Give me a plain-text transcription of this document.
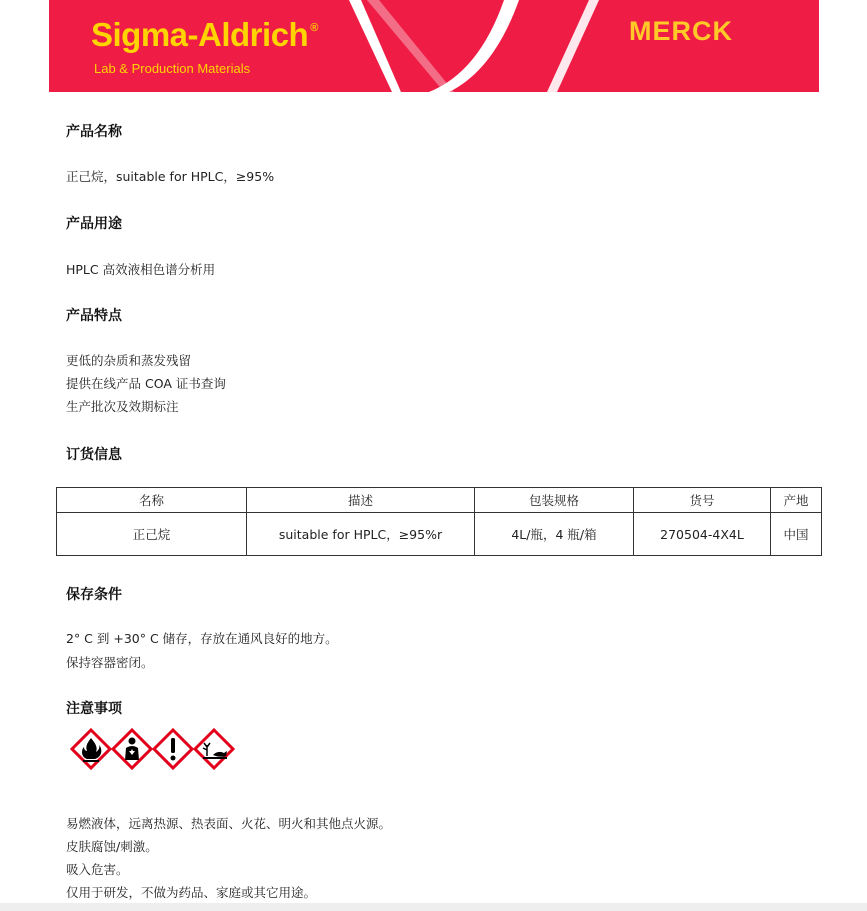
Sigma-Aldrich ®
Lab & Production Materials
MERCK
产品名称

正己烷，suitable for HPLC，≥95%

产品用途

HPLC 高效液相色谱分析用

产品特点

更低的杂质和蒸发残留

提供在线产品 COA 证书查询

生产批次及效期标注

订货信息
名称	描述	包装规格	货号	产地
正己烷	suitable for HPLC，≥95%r	4L/瓶，4 瓶/箱	270504-4X4L	中国
保存条件

2° C 到 +30° C 储存，存放在通风良好的地方。

保持容器密闭。

注意事项

易燃液体，远离热源、热表面、火花、明火和其他点火源。

皮肤腐蚀/刺激。

吸入危害。

仅用于研发，不做为药品、家庭或其它用途。
